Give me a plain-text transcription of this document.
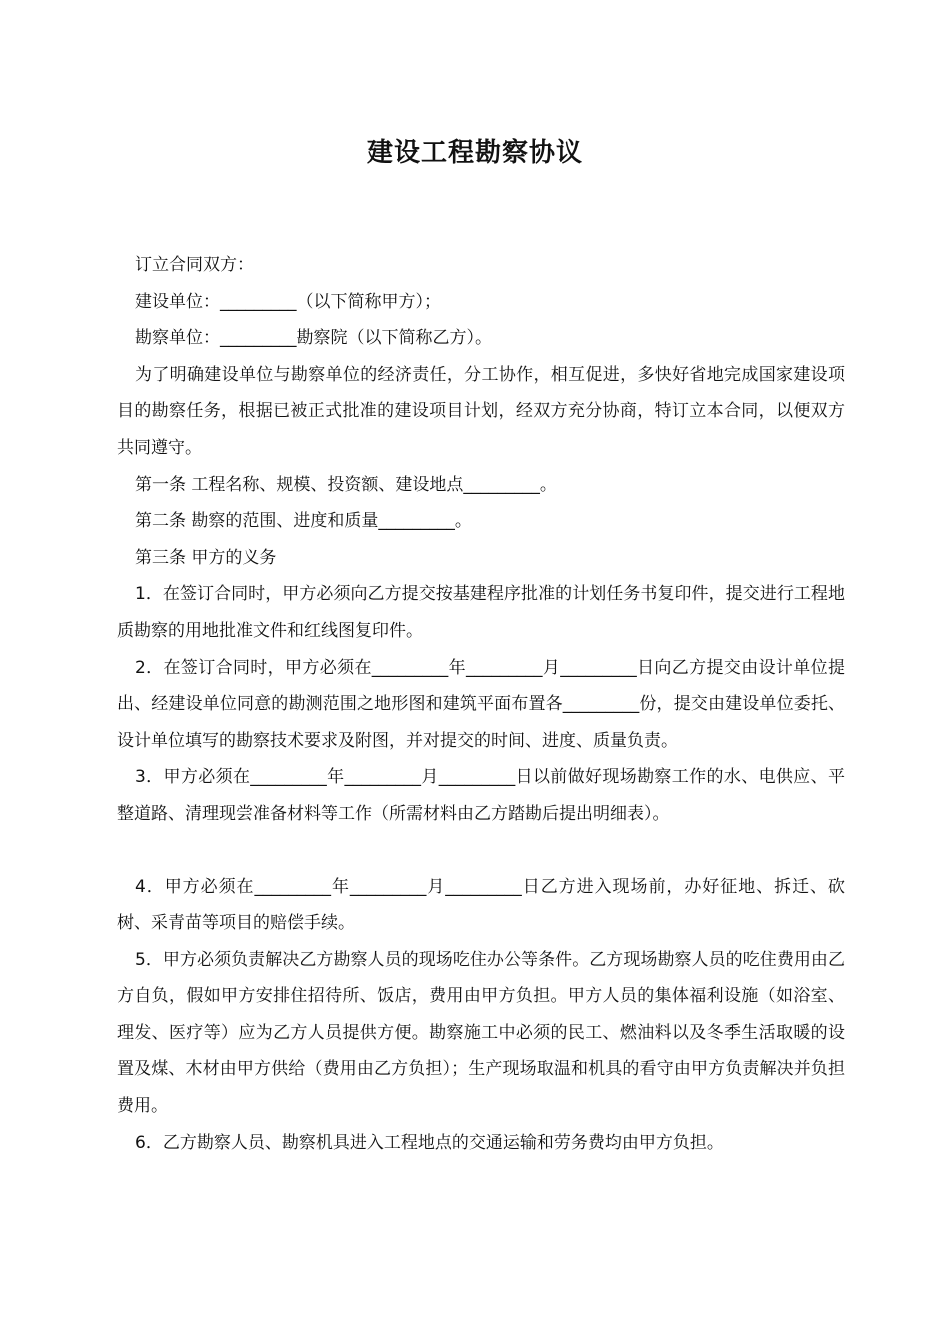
建设工程勘察协议

订立合同双方：

建设单位：_________（以下简称甲方）；

勘察单位：_________勘察院（以下简称乙方）。

为了明确建设单位与勘察单位的经济责任，分工协作，相互促进，多快好省地完成国家建设项目的勘察任务，根据已被正式批准的建设项目计划，经双方充分协商，特订立本合同，以便双方共同遵守。

第一条 工程名称、规模、投资额、建设地点_________。

第二条 勘察的范围、进度和质量_________。

第三条 甲方的义务

1．在签订合同时，甲方必须向乙方提交按基建程序批准的计划任务书复印件，提交进行工程地质勘察的用地批准文件和红线图复印件。

2．在签订合同时，甲方必须在_________年_________月_________日向乙方提交由设计单位提出、经建设单位同意的勘测范围之地形图和建筑平面布置各_________份，提交由建设单位委托、设计单位填写的勘察技术要求及附图，并对提交的时间、进度、质量负责。

3．甲方必须在_________年_________月_________日以前做好现场勘察工作的水、电供应、平整道路、清理现尝准备材料等工作（所需材料由乙方踏勘后提出明细表）。

4．甲方必须在_________年_________月_________日乙方进入现场前，办好征地、拆迁、砍树、采青苗等项目的赔偿手续。

5．甲方必须负责解决乙方勘察人员的现场吃住办公等条件。乙方现场勘察人员的吃住费用由乙方自负，假如甲方安排住招待所、饭店，费用由甲方负担。甲方人员的集体福利设施（如浴室、理发、医疗等）应为乙方人员提供方便。勘察施工中必须的民工、燃油料以及冬季生活取暖的设置及煤、木材由甲方供给（费用由乙方负担）；生产现场取温和机具的看守由甲方负责解决并负担费用。

6．乙方勘察人员、勘察机具进入工程地点的交通运输和劳务费均由甲方负担。
